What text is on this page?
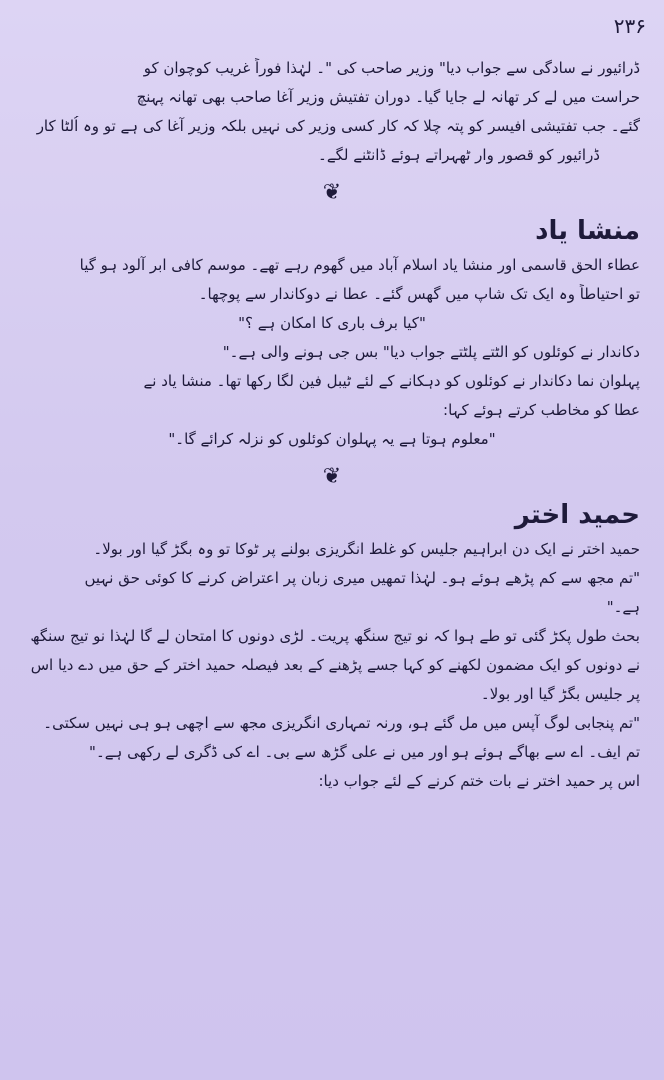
۲۳۶

ڈرائیور نے سادگی سے جواب دیا" وزیر صاحب کی "۔ لہٰذا فوراً غریب کوچوان کو

حراست میں لے کر تھانہ لے جایا گیا۔ دوران تفتیش وزیر آغا صاحب بھی تھانہ پہنچ

گئے۔ جب تفتیشی افیسر کو پتہ چلا کہ کار کسی وزیر کی نہیں بلکہ وزیر آغا کی ہے تو وہ اُلٹا کار

ڈرائیور کو قصور وار ٹھہراتے ہوئے ڈانٹنے لگے۔

❦
منشا یاد

عطاء الحق قاسمی اور منشا یاد اسلام آباد میں گھوم رہے تھے۔ موسم کافی ابر آلود ہو گیا

تو احتیاطاً وہ ایک تک شاپ میں گھس گئے۔ عطا نے دوکاندار سے پوچھا۔

"کیا برف باری کا امکان ہے ؟"

دکاندار نے کوئلوں کو الٹتے پلٹتے جواب دیا" بس جی ہونے والی ہے۔"

پہلوان نما دکاندار نے کوئلوں کو دہکانے کے لئے ٹیبل فین لگا رکھا تھا۔ منشا یاد نے

عطا کو مخاطب کرتے ہوئے کہا:

"معلوم ہوتا ہے یہ پہلوان کوئلوں کو نزلہ کرائے گا۔"

❦
حمید اختر

حمید اختر نے ایک دن ابراہیم جلیس کو غلط انگریزی بولنے پر ٹوکا تو وہ بگڑ گیا اور بولا۔

"تم مجھ سے کم پڑھے ہوئے ہو۔ لہٰذا تمھیں میری زبان پر اعتراض کرنے کا کوئی حق نہیں

ہے۔"

بحث طول پکڑ گئی تو طے ہوا کہ نو تیج سنگھ پریت۔ لڑی دونوں کا امتحان لے گا لہٰذا نو تیج سنگھ

نے دونوں کو ایک مضمون لکھنے کو کہا جسے پڑھنے کے بعد فیصلہ حمید اختر کے حق میں دے دیا اس

پر جلیس بگڑ گیا اور بولا۔

"تم پنجابی لوگ آپس میں مل گئے ہو، ورنہ تمہاری انگریزی مجھ سے اچھی ہو ہی نہیں سکتی۔

تم ایف۔ اے سے بھاگے ہوئے ہو اور میں نے علی گڑھ سے بی۔ اے کی ڈگری لے رکھی ہے۔"

اس پر حمید اختر نے بات ختم کرنے کے لئے جواب دیا:
